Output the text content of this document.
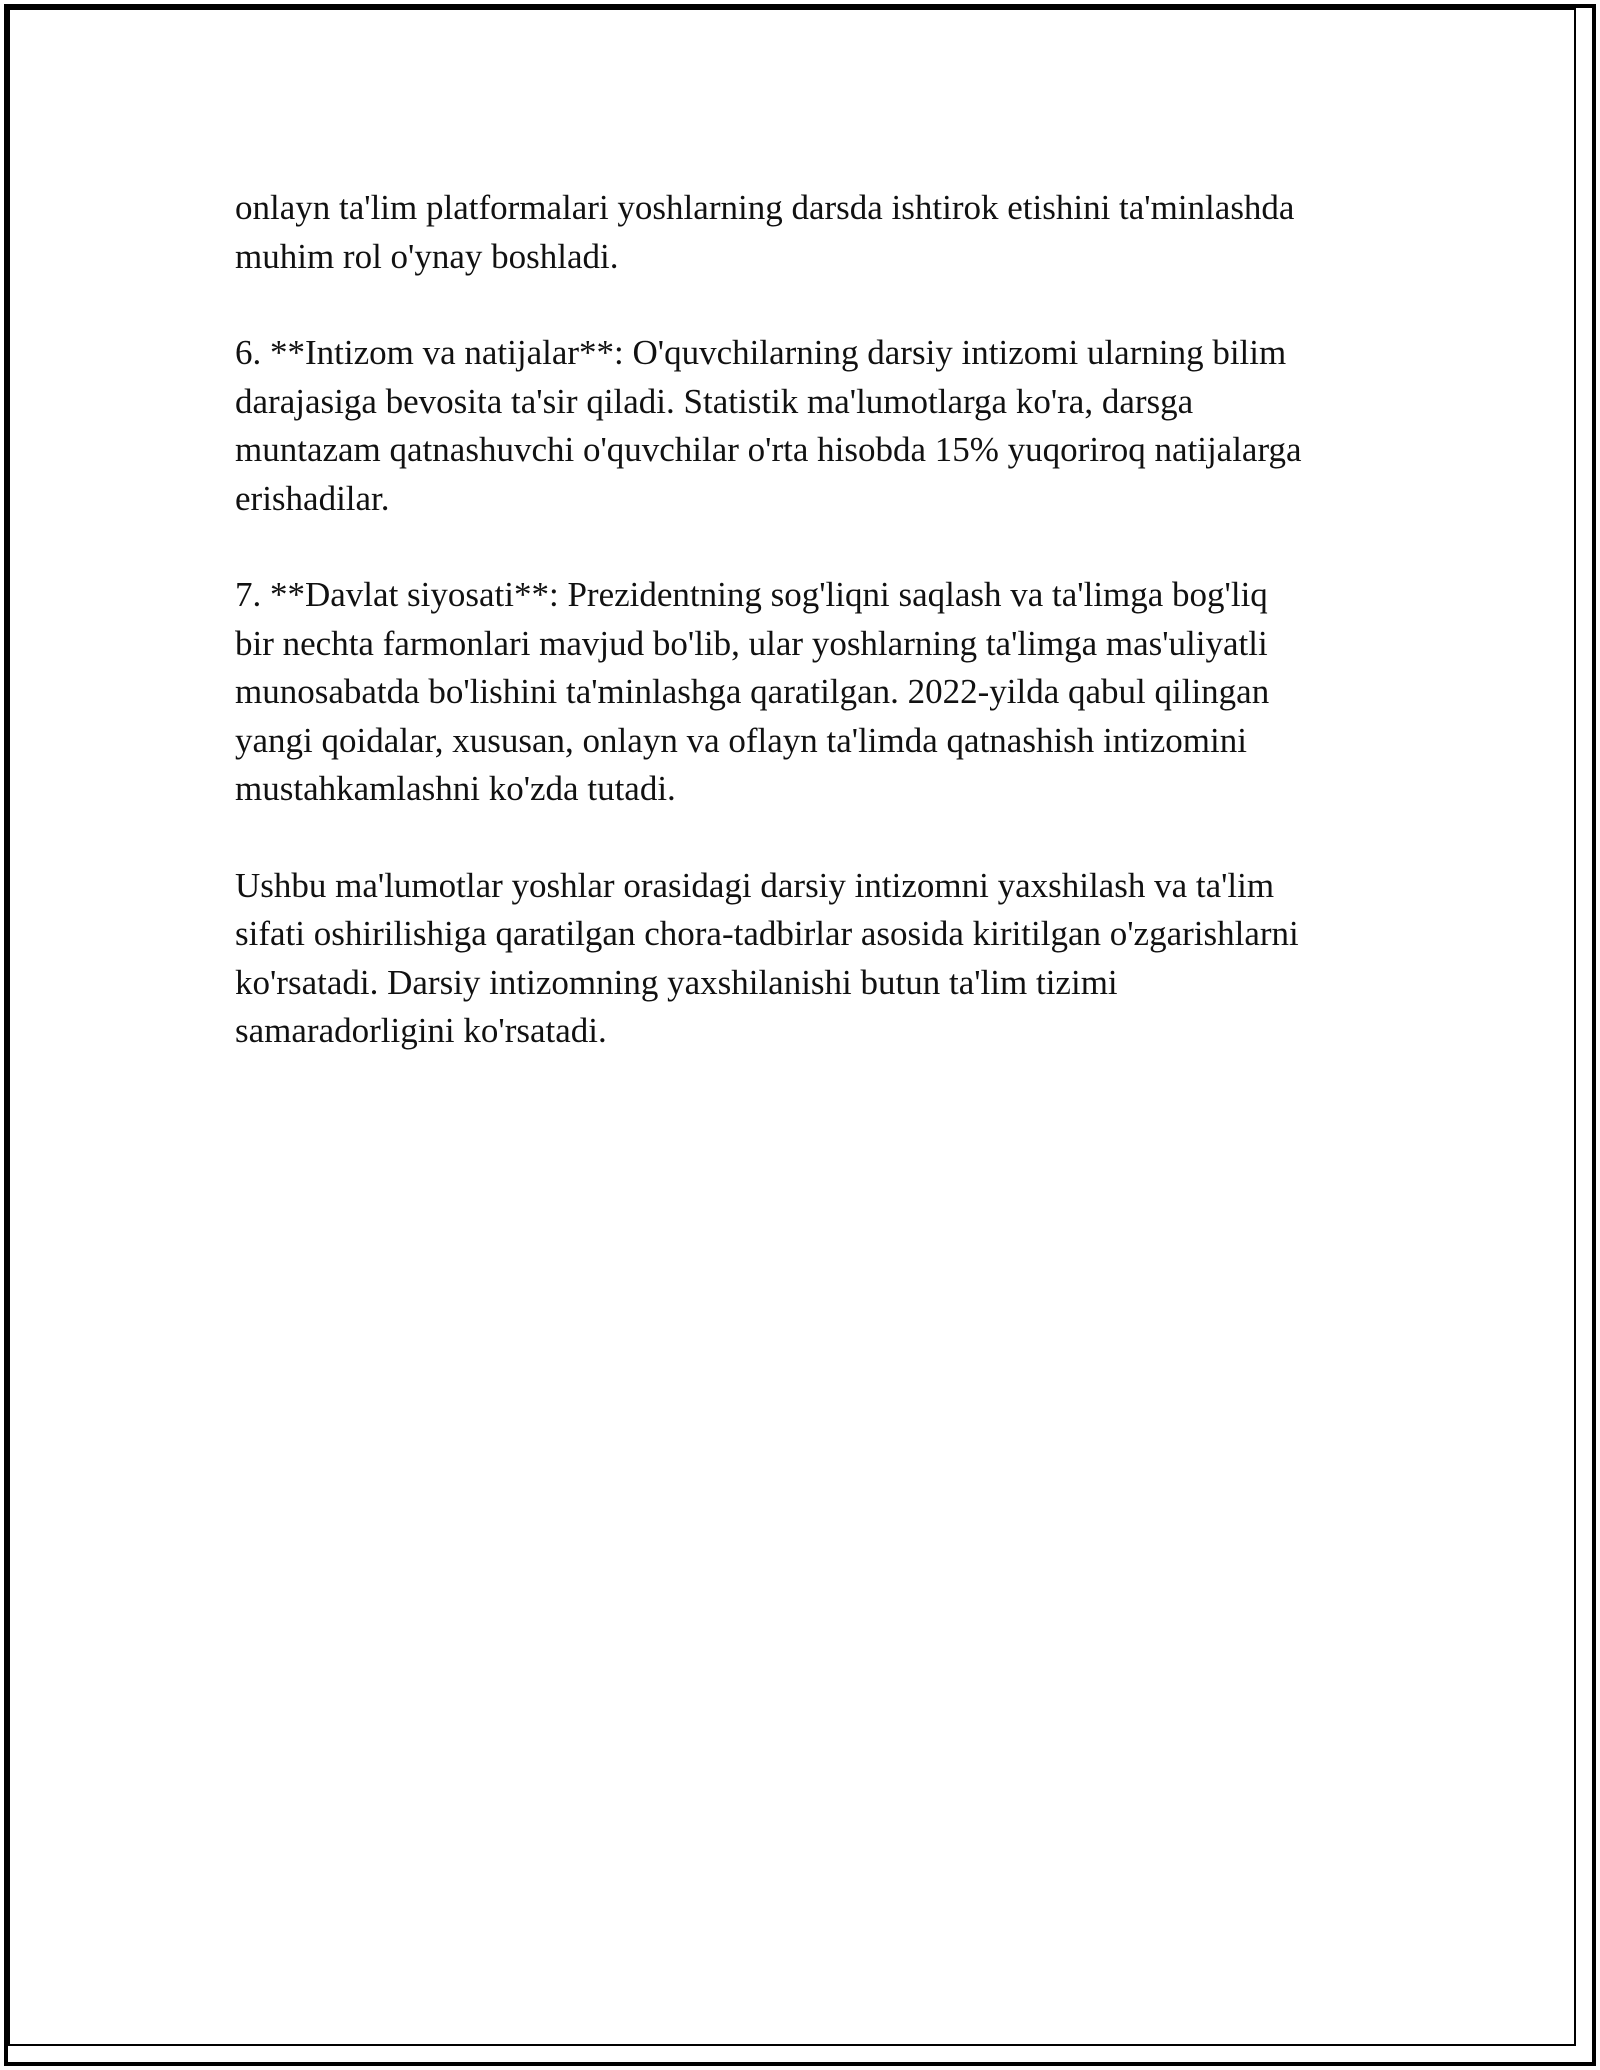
onlayn ta'lim platformalari yoshlarning darsda ishtirok etishini ta'minlashda
muhim rol o'ynay boshladi.

6. **Intizom va natijalar**: O'quvchilarning darsiy intizomi ularning bilim
darajasiga bevosita ta'sir qiladi. Statistik ma'lumotlarga ko'ra, darsga
muntazam qatnashuvchi o'quvchilar o'rta hisobda 15% yuqoriroq natijalarga
erishadilar.

7. **Davlat siyosati**: Prezidentning sog'liqni saqlash va ta'limga bog'liq
bir nechta farmonlari mavjud bo'lib, ular yoshlarning ta'limga mas'uliyatli
munosabatda bo'lishini ta'minlashga qaratilgan. 2022-yilda qabul qilingan
yangi qoidalar, xususan, onlayn va oflayn ta'limda qatnashish intizomini
mustahkamlashni ko'zda tutadi.

Ushbu ma'lumotlar yoshlar orasidagi darsiy intizomni yaxshilash va ta'lim
sifati oshirilishiga qaratilgan chora-tadbirlar asosida kiritilgan o'zgarishlarni
ko'rsatadi. Darsiy intizomning yaxshilanishi butun ta'lim tizimi
samaradorligini ko'rsatadi.
